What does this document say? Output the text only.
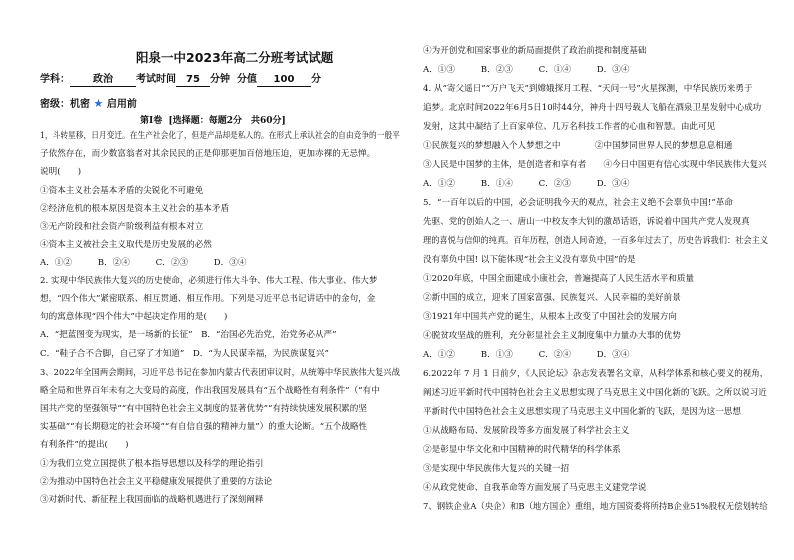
阳泉一中2023年高二分班考试试题
学科： 政治 考试时间 75 分钟 分值 100 分
密级：机密 ★ 启用前
第Ⅰ卷 [选择题：每题2分　共60分]
1，斗转星移，日月变迁。在生产社会化了，但是产品却是私人的。在形式上承认社会的自由竞争的一般平
子依然存在，而少数富翁者对其余民民的正是仰那更加百倍地压迫，更加赤裸的无忌惮。
说明(　　)
①资本主义社会基本矛盾的尖锐化不可避免
②经济危机的根本原因是资本主义社会的基本矛盾
③无产阶段和社会资产阶级利益有根本对立
④资本主义被社会主义取代是历史发展的必然
A．①②　　　B．②④　　　C．②③　　　D．③④
2. 实现中华民族伟大复兴的历史使命，必须进行伟大斗争、伟大工程、伟大事业、伟大梦
想，“四个伟大”紧密联系、相互贯通、相互作用。下列是习近平总书记讲话中的金句，金
句的寓意体现“四个伟大”中起决定作用的是(　　)
A．“把蓝图变为现实，是一场新的长征”　B．“治国必先治党，治党务必从严”
C．“鞋子合不合脚，自己穿了才知道”　D．“为人民谋幸福，为民族谋复兴”
3、2022年全国两会期间，习近平总书记在参加内蒙古代表团审议时，从统筹中华民族伟大复兴战
略全局和世界百年未有之大变局的高度，作出我国发展具有“五个战略性有利条件”（“有中
国共产党的坚强领导”“有中国特色社会主义制度的显著优势”“有持续快速发展积累的坚
实基础”“有长期稳定的社会环境”“有自信自强的精神力量”）的重大论断。“五个战略性
有利条件”的提出(　　)
①为我们立党立国提供了根本指导思想以及科学的理论指引
②为推动中国特色社会主义平稳健康发展提供了重要的方法论
③对新时代、新征程上我国面临的战略机遇进行了深刻阐释
④为开创党和国家事业的新局面提供了政治前提和制度基础
A．①③　　　B．②③　　　C．①④　　　D．③④
4. 从“寄父遥日”“万户飞天”到嫦娥探月工程、“天问一号”火星探测，中华民族历来勇于
追梦。北京时间2022年6月5日10时44分，神舟十四号载人飞船在酒泉卫星发射中心成功
发射，这其中凝结了上百家单位、几万名科技工作者的心血和智慧。由此可见
①民族复兴的梦想融入个人梦想之中　　　　②中国梦同世界人民的梦想息息相通
③人民是中国梦的主体，是创造者和享有者　　④今日中国更有信心实现中华民族伟大复兴
A．①②　　　B．①④　　　C．②③　　　D．③④
5．“一百年以后的中国，必会证明我今天的观点，社会主义绝不会辜负中国!”革命
先驱、党的创始人之一、唐山一中校友李大钊的激昂话语，诉说着中国共产党人发现真
理的喜悦与信仰的纯真。百年历程，创造人间奇迹，一百多年过去了，历史告诉我们：社会主义
没有辜负中国! 以下能体现“社会主义没有辜负中国”的是
①2020年底，中国全面建成小康社会，普遍提高了人民生活水平和质量
②新中国的成立，迎来了国家富强、民族复兴、人民幸福的美好前景
③1921年中国共产党的诞生，从根本上改变了中国社会的发展方向
④脱贫攻坚战的胜利，充分彰显社会主义制度集中力量办大事的优势
A．①②　　　B．①③　　　C．②④　　　D．③④
6.2022年 7 月 1 日前夕，《人民论坛》杂志发表署名文章，从科学体系和核心要义的视角，
阐述习近平新时代中国特色社会主义思想实现了马克思主义中国化新的飞跃。之所以说习近
平新时代中国特色社会主义思想实现了马克思主义中国化新的飞跃，是因为这一思想
①从战略布局、发展阶段等多方面发展了科学社会主义
②是彰显中华文化和中国精神的时代精华的科学体系
③是实现中华民族伟大复兴的关键一招
④从政党使命、自我革命等方面发展了马克思主义建党学说
7、钢铁企业A（央企）和B（地方国企）重组，地方国资委将所持B企业51%股权无偿划转给
